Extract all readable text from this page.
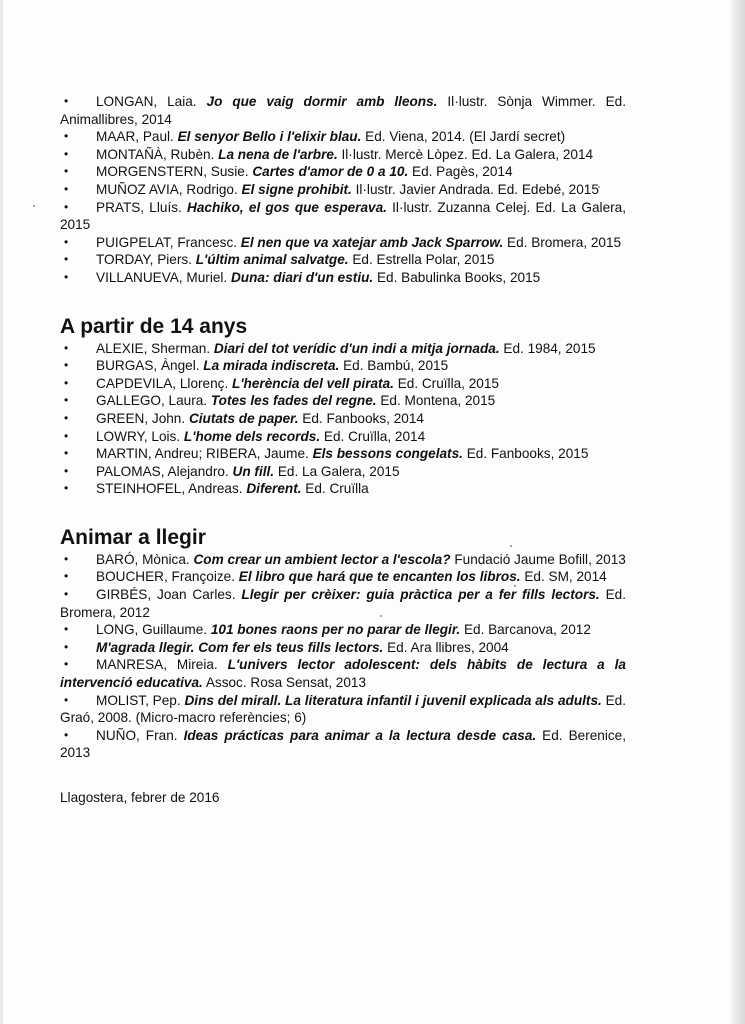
• LONGAN, Laia. Jo que vaig dormir amb lleons. Il·lustr. Sònja Wimmer. Ed. Animallibres, 2014
• MAAR, Paul. El senyor Bello i l'elixir blau. Ed. Viena, 2014. (El Jardí secret)
• MONTAÑÀ, Rubèn. La nena de l'arbre. Il·lustr. Mercè Lòpez. Ed. La Galera, 2014
• MORGENSTERN, Susie. Cartes d'amor de 0 a 10. Ed. Pagès, 2014
• MUÑOZ AVIA, Rodrigo. El signe prohibit. Il·lustr. Javier Andrada. Ed. Edebé, 2015
• PRATS, Lluís. Hachiko, el gos que esperava. Il·lustr. Zuzanna Celej. Ed. La Galera, 2015
• PUIGPELAT, Francesc. El nen que va xatejar amb Jack Sparrow. Ed. Bromera, 2015
• TORDAY, Piers. L'últim animal salvatge. Ed. Estrella Polar, 2015
• VILLANUEVA, Muriel. Duna: diari d'un estiu. Ed. Babulinka Books, 2015
A partir de 14 anys
• ALEXIE, Sherman. Diari del tot verídic d'un indi a mitja jornada. Ed. 1984, 2015
• BURGAS, Àngel. La mirada indiscreta. Ed. Bambú, 2015
• CAPDEVILA, Llorenç. L'herència del vell pirata. Ed. Cruïlla, 2015
• GALLEGO, Laura. Totes les fades del regne. Ed. Montena, 2015
• GREEN, John. Ciutats de paper. Ed. Fanbooks, 2014
• LOWRY, Lois. L'home dels records. Ed. Cruïlla, 2014
• MARTIN, Andreu; RIBERA, Jaume. Els bessons congelats. Ed. Fanbooks, 2015
• PALOMAS, Alejandro. Un fill. Ed. La Galera, 2015
• STEINHOFEL, Andreas. Diferent. Ed. Cruïlla
Animar a llegir
• BARÓ, Mònica. Com crear un ambient lector a l'escola? Fundació Jaume Bofill, 2013
• BOUCHER, Françoize. El libro que hará que te encanten los libros. Ed. SM, 2014
• GIRBÉS, Joan Carles. Llegir per crèixer: guia pràctica per a fer fills lectors. Ed. Bromera, 2012
• LONG, Guillaume. 101 bones raons per no parar de llegir. Ed. Barcanova, 2012
• M'agrada llegir. Com fer els teus fills lectors. Ed. Ara llibres, 2004
• MANRESA, Mireia. L'univers lector adolescent: dels hàbits de lectura a la intervenció educativa. Assoc. Rosa Sensat, 2013
• MOLIST, Pep. Dins del mirall. La literatura infantil i juvenil explicada als adults. Ed. Graó, 2008. (Micro-macro referències; 6)
• NUÑO, Fran. Ideas prácticas para animar a la lectura desde casa. Ed. Berenice, 2013
Llagostera, febrer de 2016
